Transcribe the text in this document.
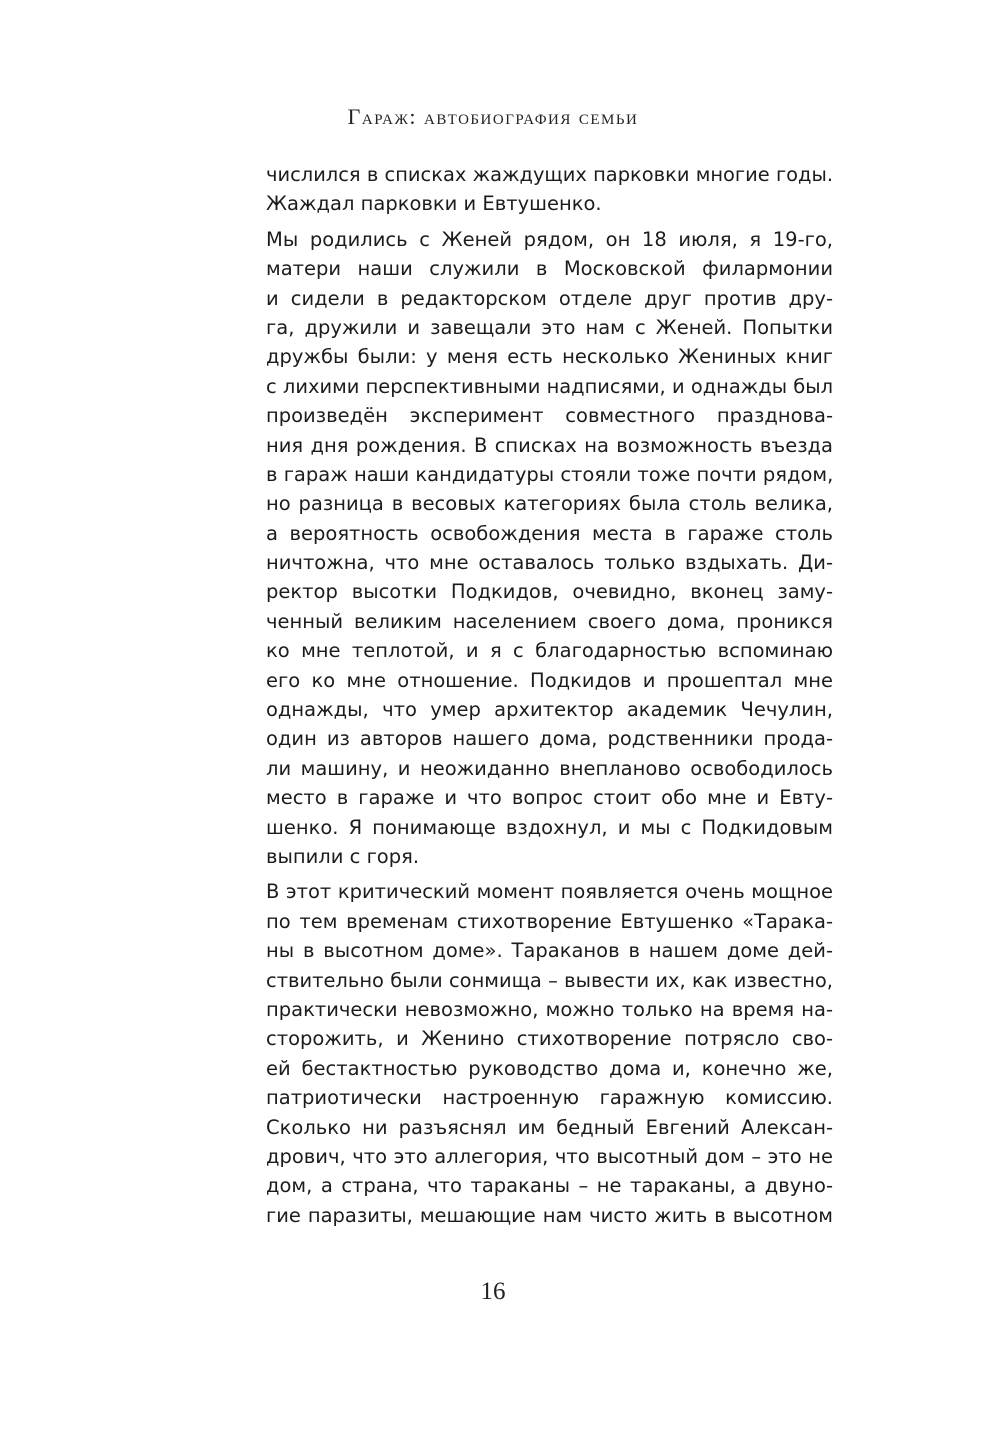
Гараж: автобиография семьи
числился в списках жаждущих парковки многие годы.
Жаждал парковки и Евтушенко.
Мы родились с Женей рядом, он 18 июля, я 19-го,
матери наши служили в Московской филармонии
и сидели в редакторском отделе друг против дру-
га, дружили и завещали это нам с Женей. Попытки
дружбы были: у меня есть несколько Жениных книг
с лихими перспективными надписями, и однажды был
произведён эксперимент совместного празднова-
ния дня рождения. В списках на возможность въезда
в гараж наши кандидатуры стояли тоже почти рядом,
но разница в весовых категориях была столь велика,
а вероятность освобождения места в гараже столь
ничтожна, что мне оставалось только вздыхать. Ди-
ректор высотки Подкидов, очевидно, вконец заму-
ченный великим населением своего дома, проникся
ко мне теплотой, и я с благодарностью вспоминаю
его ко мне отношение. Подкидов и прошептал мне
однажды, что умер архитектор академик Чечулин,
один из авторов нашего дома, родственники прода-
ли машину, и неожиданно внепланово освободилось
место в гараже и что вопрос стоит обо мне и Евту-
шенко. Я понимающе вздохнул, и мы с Подкидовым
выпили с горя.
В этот критический момент появляется очень мощное
по тем временам стихотворение Евтушенко «Тарака-
ны в высотном доме». Тараканов в нашем доме дей-
ствительно были сонмища – вывести их, как известно,
практически невозможно, можно только на время на-
сторожить, и Женино стихотворение потрясло сво-
ей бестактностью руководство дома и, конечно же,
патриотически настроенную гаражную комиссию.
Сколько ни разъяснял им бедный Евгений Алексан-
дрович, что это аллегория, что высотный дом – это не
дом, а страна, что тараканы – не тараканы, а двуно-
гие паразиты, мешающие нам чисто жить в высотном
16
